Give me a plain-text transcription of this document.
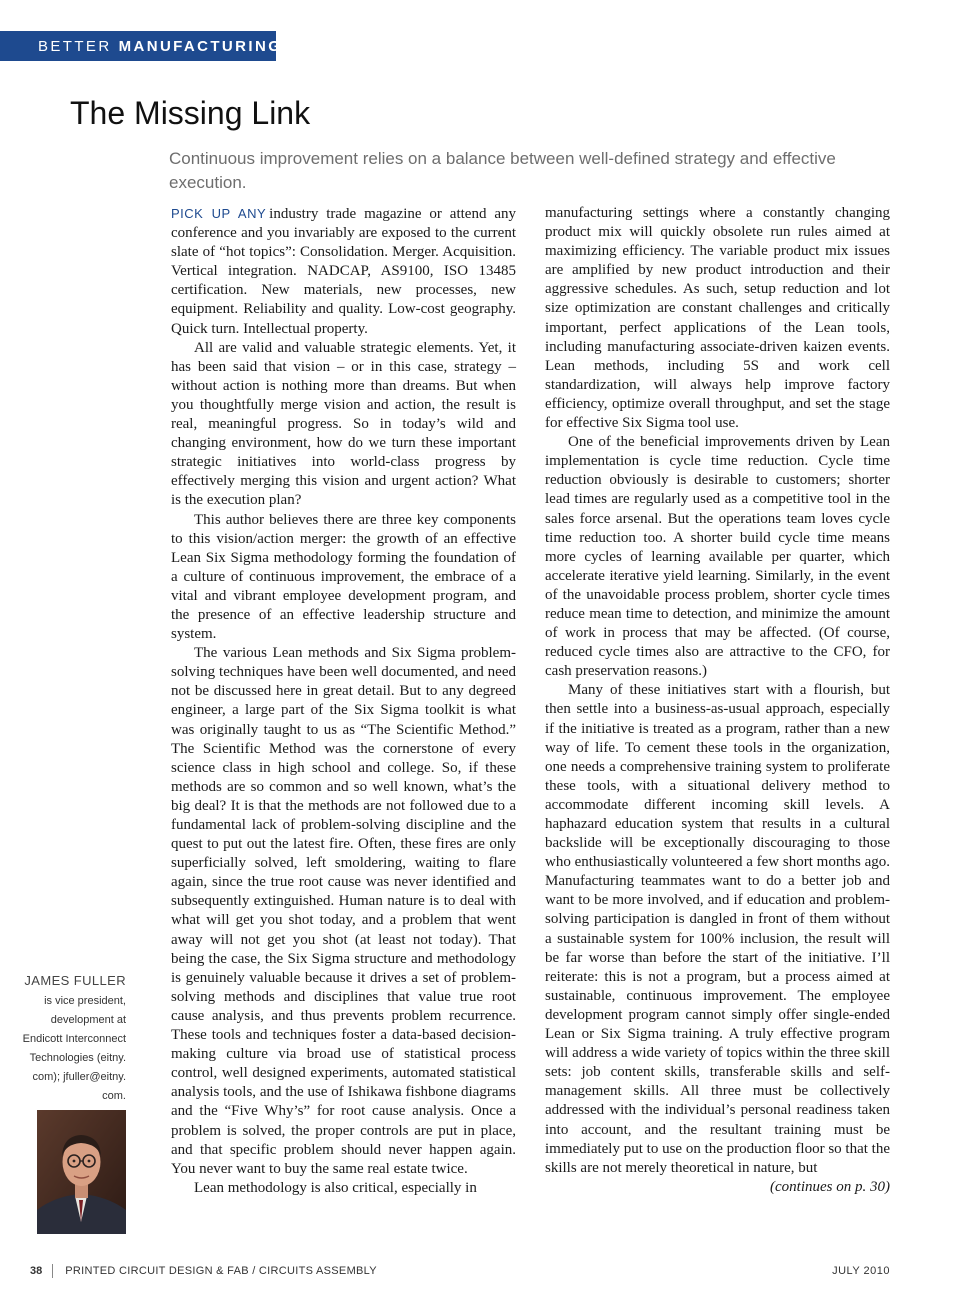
BETTER MANUFACTURING
The Missing Link
Continuous improvement relies on a balance between well-defined strategy and effective execution.

PICK UP ANY industry trade magazine or attend any conference and you invariably are exposed to the current slate of “hot topics”: Consolidation. Merger. Acquisition. Vertical integration. NADCAP, AS9100, ISO 13485 certification. New materials, new processes, new equipment. Reliability and quality. Low-cost geography. Quick turn. Intellectual property.

All are valid and valuable strategic elements. Yet, it has been said that vision – or in this case, strategy – without action is nothing more than dreams. But when you thoughtfully merge vision and action, the result is real, meaningful progress. So in today’s wild and changing environment, how do we turn these important strategic initiatives into world-class progress by effectively merging this vision and urgent action? What is the execution plan?

This author believes there are three key components to this vision/action merger: the growth of an effective Lean Six Sigma methodology forming the foundation of a culture of continuous improvement, the embrace of a vital and vibrant employee development program, and the presence of an effective leadership structure and system.

The various Lean methods and Six Sigma problem-solving techniques have been well documented, and need not be discussed here in great detail. But to any degreed engineer, a large part of the Six Sigma toolkit is what was originally taught to us as “The Scientific Method.” The Scientific Method was the cornerstone of every science class in high school and college. So, if these methods are so common and so well known, what’s the big deal? It is that the methods are not followed due to a fundamental lack of problem-solving discipline and the quest to put out the latest fire. Often, these fires are only superficially solved, left smoldering, waiting to flare again, since the true root cause was never identified and subsequently extinguished. Human nature is to deal with what will get you shot today, and a problem that went away will not get you shot (at least not today). That being the case, the Six Sigma structure and methodology is genuinely valuable because it drives a set of problem-solving methods and disciplines that value true root cause analysis, and thus prevents problem recurrence. These tools and techniques foster a data-based decision-making culture via broad use of statistical process control, well designed experiments, automated statistical analysis tools, and the use of Ishikawa fishbone diagrams and the “Five Why’s” for root cause analysis. Once a problem is solved, the proper controls are put in place, and that specific problem should never happen again. You never want to buy the same real estate twice.

Lean methodology is also critical, especially in

manufacturing settings where a constantly changing product mix will quickly obsolete run rules aimed at maximizing efficiency. The variable product mix issues are amplified by new product introduction and their aggressive schedules. As such, setup reduction and lot size optimization are constant challenges and critically important, perfect applications of the Lean tools, including manufacturing associate-driven kaizen events. Lean methods, including 5S and work cell standardization, will always help improve factory efficiency, optimize overall throughput, and set the stage for effective Six Sigma tool use.

One of the beneficial improvements driven by Lean implementation is cycle time reduction. Cycle time reduction obviously is desirable to customers; shorter lead times are regularly used as a competitive tool in the sales force arsenal. But the operations team loves cycle time reduction too. A shorter build cycle time means more cycles of learning available per quarter, which accelerate iterative yield learning. Similarly, in the event of the unavoidable process problem, shorter cycle times reduce mean time to detection, and minimize the amount of work in process that may be affected. (Of course, reduced cycle times also are attractive to the CFO, for cash preservation reasons.)

Many of these initiatives start with a flourish, but then settle into a business-as-usual approach, especially if the initiative is treated as a program, rather than a new way of life. To cement these tools in the organization, one needs a comprehensive training system to proliferate these tools, with a situational delivery method to accommodate different incoming skill levels. A haphazard education system that results in a cultural backslide will be exceptionally discouraging to those who enthusiastically volunteered a few short months ago. Manufacturing teammates want to do a better job and want to be more involved, and if education and problem-solving participation is dangled in front of them without a sustainable system for 100% inclusion, the result will be far worse than before the start of the initiative. I’ll reiterate: this is not a program, but a process aimed at sustainable, continuous improvement. The employee development program cannot simply offer single-ended Lean or Six Sigma training. A truly effective program will address a wide variety of topics within the three skill sets: job content skills, transferable skills and self-management skills. All three must be collectively addressed with the individual’s personal readiness taken into account, and the resultant training must be immediately put to use on the production floor so that the skills are not merely theoretical in nature, but

(continues on p. 30)

JAMES FULLER
is vice president,
development at
Endicott Interconnect
Technologies (eitny.
com); jfuller@eitny.
com.
38 PRINTED CIRCUIT DESIGN & FAB / CIRCUITS ASSEMBLY	JULY 2010
